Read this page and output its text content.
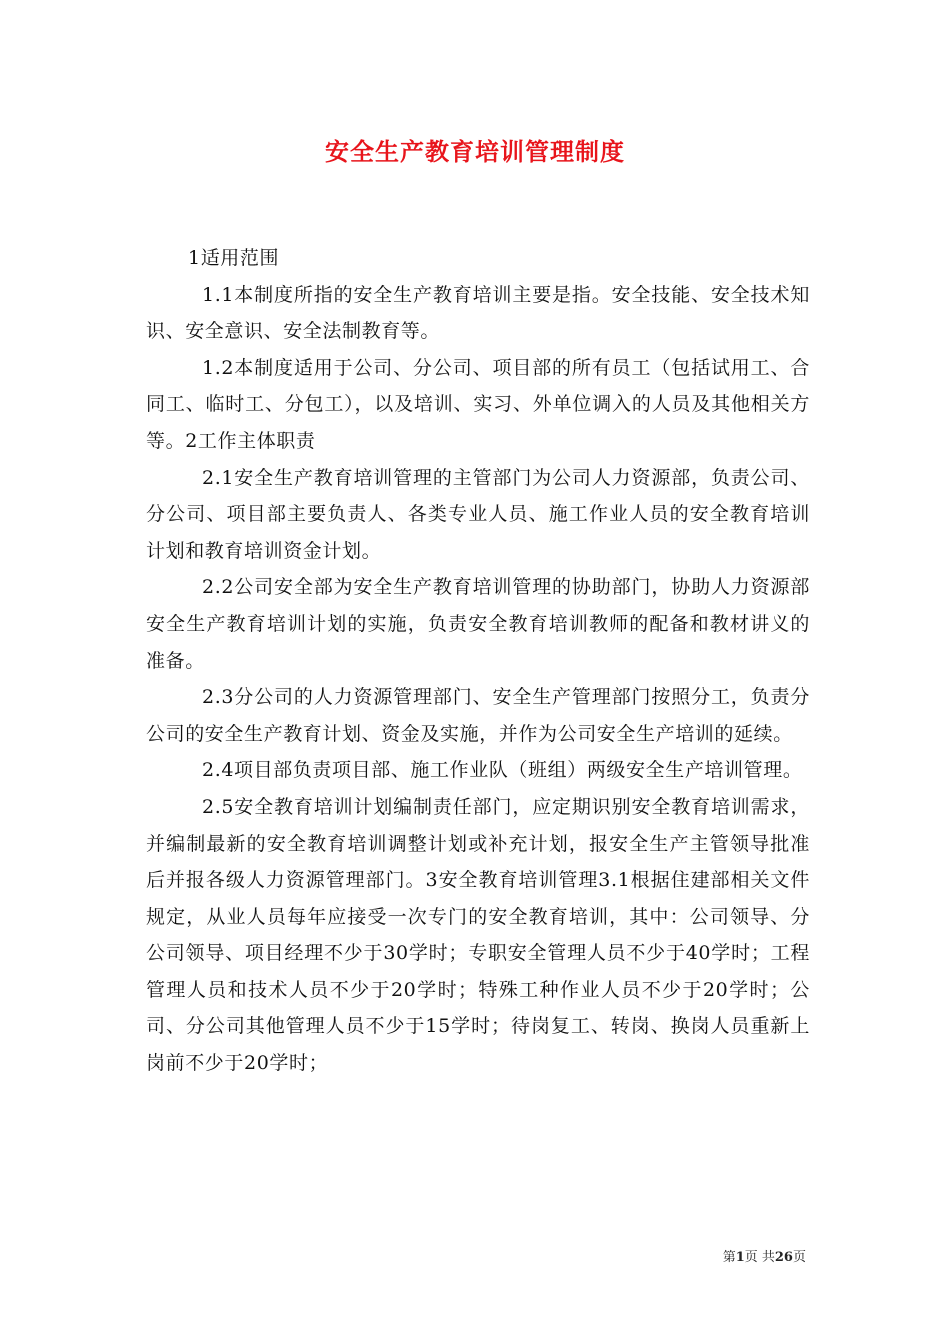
安全生产教育培训管理制度

1适用范围

1.1本制度所指的安全生产教育培训主要是指。安全技能、安全技术知识、安全意识、安全法制教育等。

1.2本制度适用于公司、分公司、项目部的所有员工（包括试用工、合同工、临时工、分包工），以及培训、实习、外单位调入的人员及其他相关方等。2工作主体职责

2.1安全生产教育培训管理的主管部门为公司人力资源部，负责公司、分公司、项目部主要负责人、各类专业人员、施工作业人员的安全教育培训计划和教育培训资金计划。

2.2公司安全部为安全生产教育培训管理的协助部门，协助人力资源部安全生产教育培训计划的实施，负责安全教育培训教师的配备和教材讲义的准备。

2.3分公司的人力资源管理部门、安全生产管理部门按照分工，负责分公司的安全生产教育计划、资金及实施，并作为公司安全生产培训的延续。

2.4项目部负责项目部、施工作业队（班组）两级安全生产培训管理。

2.5安全教育培训计划编制责任部门，应定期识别安全教育培训需求，并编制最新的安全教育培训调整计划或补充计划，报安全生产主管领导批准后并报各级人力资源管理部门。3安全教育培训管理3.1根据住建部相关文件规定，从业人员每年应接受一次专门的安全教育培训，其中：公司领导、分公司领导、项目经理不少于30学时；专职安全管理人员不少于40学时；工程管理人员和技术人员不少于20学时；特殊工种作业人员不少于20学时；公司、分公司其他管理人员不少于15学时；待岗复工、转岗、换岗人员重新上岗前不少于20学时；

第1页 共26页
